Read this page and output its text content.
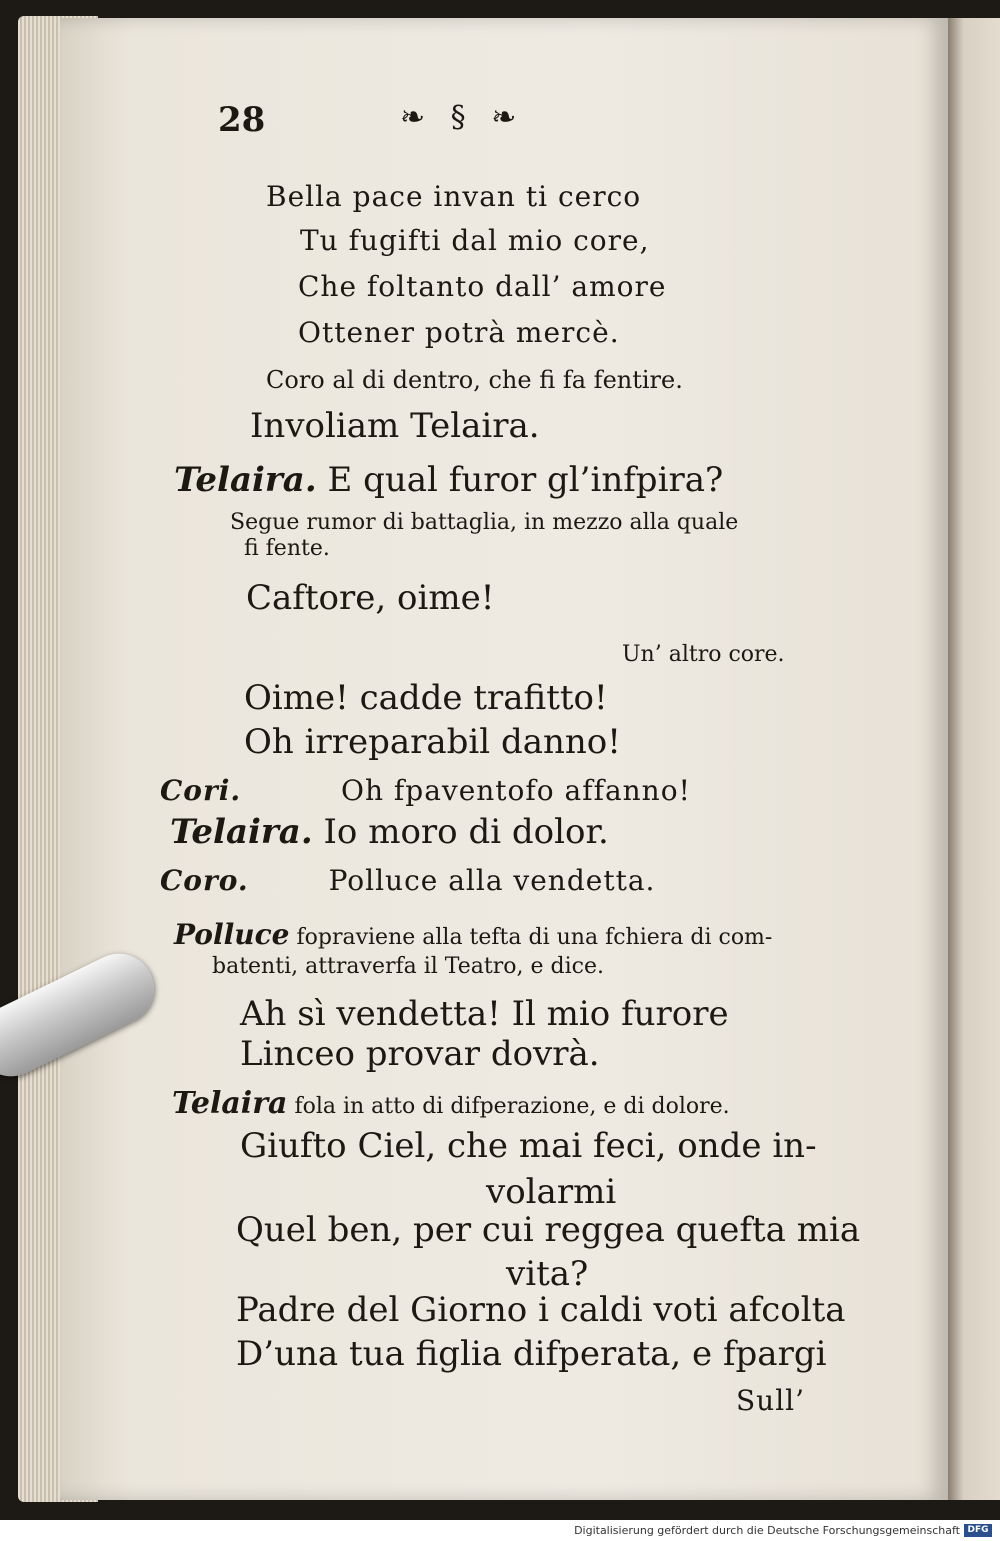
28	❧ § ❧
Bella pace invan ti cerco
Tu fugifti dal mio core,
Che foltanto dall’ amore
Ottener potrà mercè.
Coro al di dentro, che fi fa fentire.
Involiam Telaira.
Telaira. E qual furor gl’infpira?
Segue rumor di battaglia, in mezzo alla quale
fi fente.
Caftore, oime!
Un’ altro core.
Oime! cadde trafitto!
Oh irreparabil danno!
Cori.	Oh fpaventofo affanno!
Telaira. Io moro di dolor.
Coro.	Polluce alla vendetta.
Polluce fopraviene alla tefta di una fchiera di com-
batenti, attraverfa il Teatro, e dice.
Ah sì vendetta! Il mio furore
Linceo provar dovrà.
Telaira fola in atto di difperazione, e di dolore.
Giufto Ciel, che mai feci, onde in-
volarmi
Quel ben, per cui reggea quefta mia
vita?
Padre del Giorno i caldi voti afcolta
D’una tua figlia difperata, e fpargi
Sull’
Digitalisierung gefördert durch die Deutsche Forschungsgemeinschaft DFG
